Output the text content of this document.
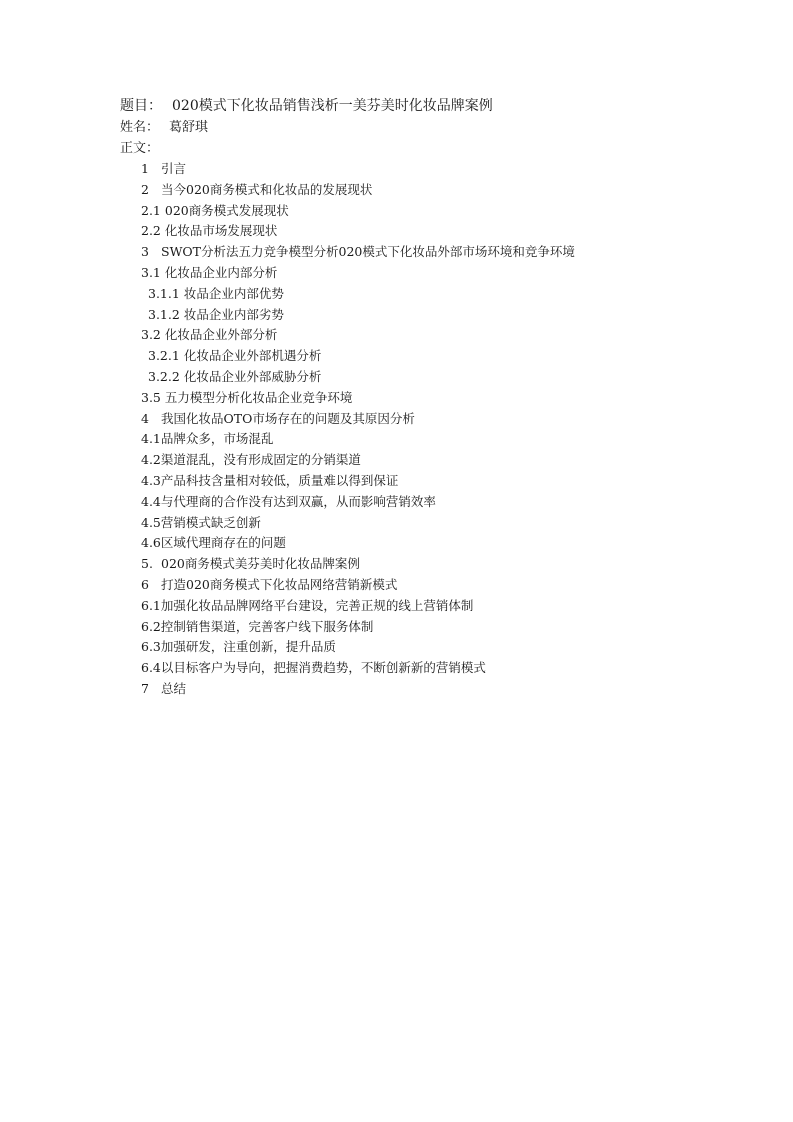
题目： 020模式下化妆品销售浅析一美芬美时化妆品牌案例
姓名： 葛舒琪
正文：
1 引言
2 当今020商务模式和化妆品的发展现状
2.1 020商务模式发展现状
2.2 化妆品市场发展现状
3 SWOT分析法五力竞争模型分析020模式下化妆品外部市场环境和竞争环境
3.1 化妆品企业内部分析
3.1.1 妆品企业内部优势
3.1.2 妆品企业内部劣势
3.2 化妆品企业外部分析
3.2.1 化妆品企业外部机遇分析
3.2.2 化妆品企业外部威胁分析
3.5 五力模型分析化妆品企业竞争环境
4 我国化妆品OTO市场存在的问题及其原因分析
4.1品牌众多，市场混乱
4.2渠道混乱，没有形成固定的分销渠道
4.3产品科技含量相对较低，质量难以得到保证
4.4与代理商的合作没有达到双赢，从而影响营销效率
4.5营销模式缺乏创新
4.6区域代理商存在的问题
5. 020商务模式美芬美时化妆品牌案例
6 打造020商务模式下化妆品网络营销新模式
6.1加强化妆品品牌网络平台建设，完善正规的线上营销体制
6.2控制销售渠道，完善客户线下服务体制
6.3加强研发，注重创新，提升品质
6.4以目标客户为导向，把握消费趋势，不断创新新的营销模式
7 总结
